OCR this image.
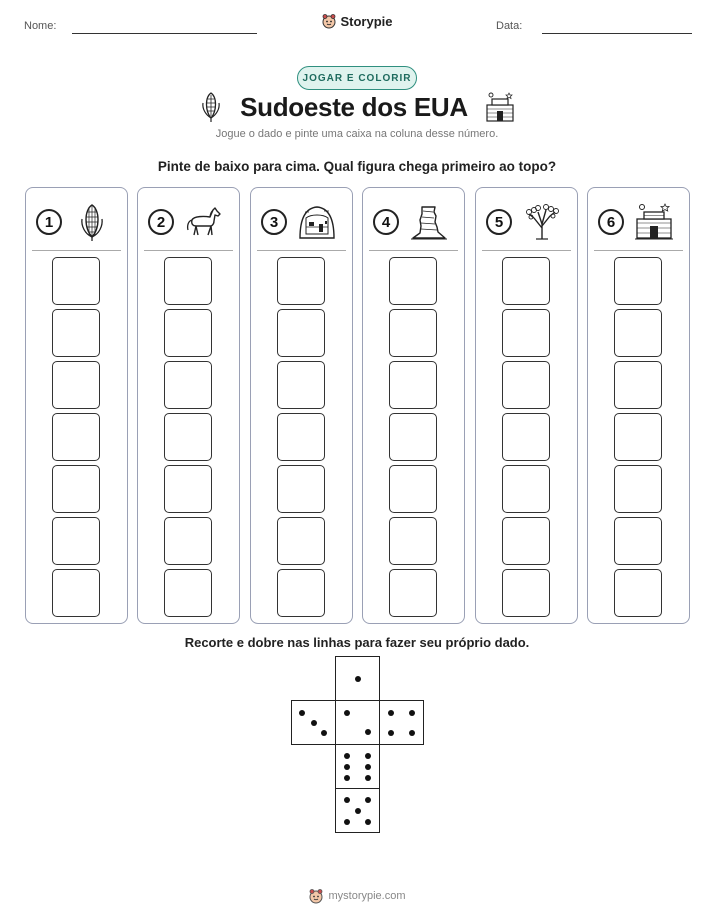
Nome:	Storypie	Data:
JOGAR E COLORIR
Sudoeste dos EUA
Jogue o dado e pinte uma caixa na coluna desse número.
Pinte de baixo para cima. Qual figura chega primeiro ao topo?
1	2	3	4	5	6
Recorte e dobre nas linhas para fazer seu próprio dado.
mystorypie.com
